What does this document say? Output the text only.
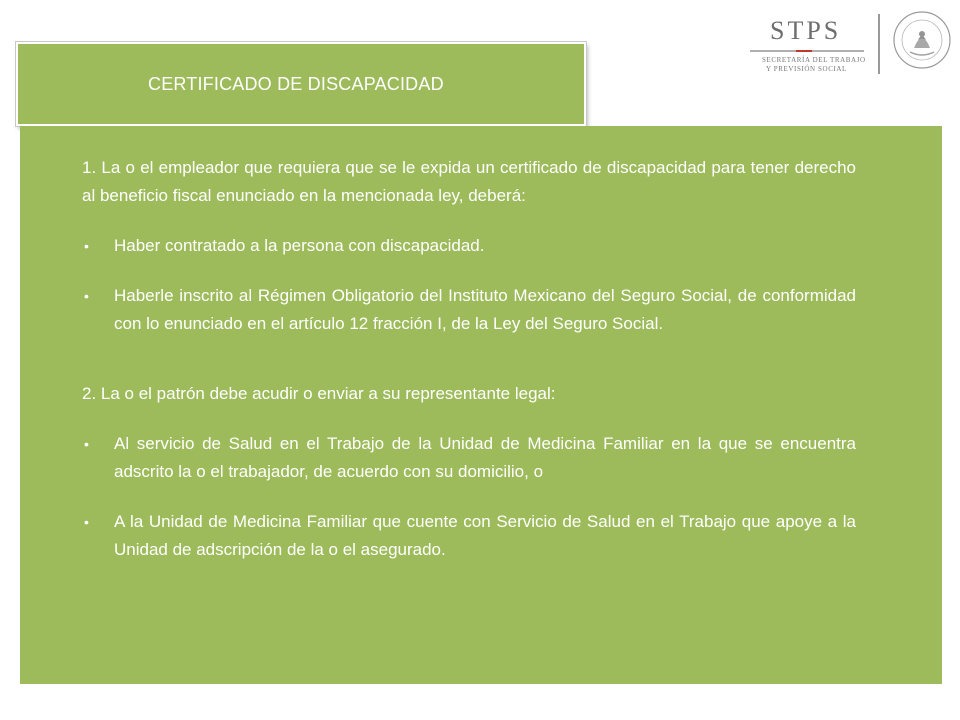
CERTIFICADO DE DISCAPACIDAD
STPS
SECRETARÍA DEL TRABAJO
Y PREVISIÓN SOCIAL

1. La o el empleador que requiera que se le expida un certificado de discapacidad para tener derecho al beneficio fiscal enunciado en la mencionada ley, deberá:

• Haber contratado a la persona con discapacidad.

• Haberle inscrito al Régimen Obligatorio del Instituto Mexicano del Seguro Social, de conformidad con lo enunciado en el artículo 12 fracción I, de la Ley del Seguro Social.

2. La o el patrón debe acudir o enviar a su representante legal:

• Al servicio de Salud en el Trabajo de la Unidad de Medicina Familiar en la que se encuentra adscrito la o el trabajador, de acuerdo con su domicilio, o

• A la Unidad de Medicina Familiar que cuente con Servicio de Salud en el Trabajo que apoye a la Unidad de adscripción de la o el asegurado.
